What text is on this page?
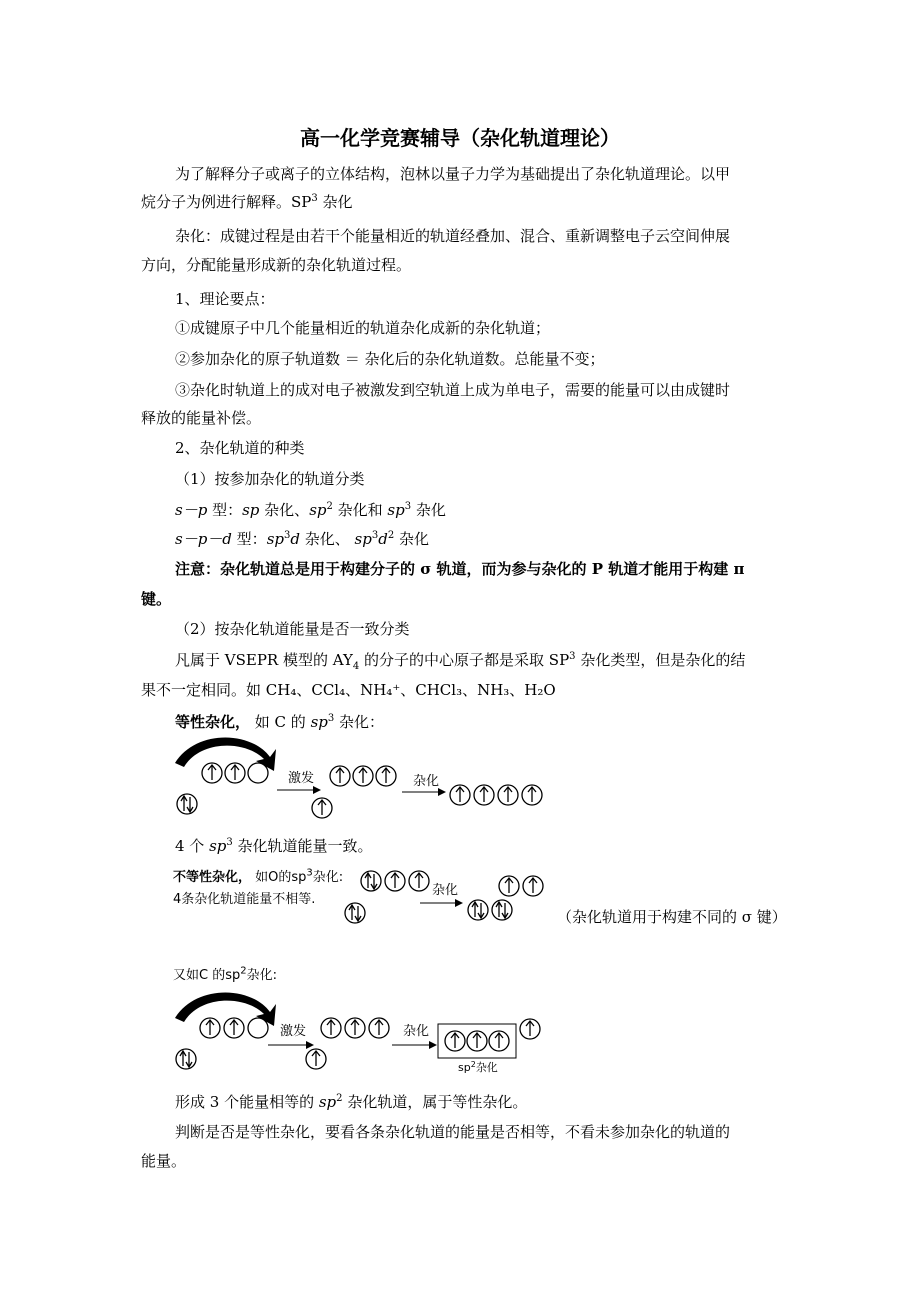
高一化学竞赛辅导（杂化轨道理论）
为了解释分子或离子的立体结构，泡林以量子力学为基础提出了杂化轨道理论。以甲
烷分子为例进行解释。$SP^3$ 杂化
杂化：成键过程是由若干个能量相近的轨道经叠加、混合、重新调整电子云空间伸展
方向，分配能量形成新的杂化轨道过程。
1、理论要点：
①成键原子中几个能量相近的轨道杂化成新的杂化轨道；
②参加杂化的原子轨道数 ＝ 杂化后的杂化轨道数。总能量不变；
③杂化时轨道上的成对电子被激发到空轨道上成为单电子，需要的能量可以由成键时
释放的能量补偿。
2、杂化轨道的种类
（1）按参加杂化的轨道分类
s－p 型：sp 杂化、$sp^2$ 杂化和 $sp^3$ 杂化
s－p－d 型：$sp^3d$ 杂化、 $sp^3d^2$ 杂化
注意：杂化轨道总是用于构建分子的 σ 轨道，而为参与杂化的 P 轨道才能用于构建 π
键。
（2）按杂化轨道能量是否一致分类
凡属于 VSEPR 模型的 $AY_4$ 的分子的中心原子都是采取 $SP^3$ 杂化类型，但是杂化的结
果不一定相同。如 CH₄、CCl₄、NH₄⁺、CHCl₃、NH₃、H₂O
等性杂化， 如 C 的 $sp^3$ 杂化：
激发	杂化
4 个 $sp^3$ 杂化轨道能量一致。
不等性杂化， 如O的$sp^3$杂化:
4条杂化轨道能量不相等.
杂化
（杂化轨道用于构建不同的 σ 键）
又如C 的$sp^2$杂化:
激发	杂化
$sp^2$杂化
形成 3 个能量相等的 $sp^2$ 杂化轨道，属于等性杂化。
判断是否是等性杂化，要看各条杂化轨道的能量是否相等，不看未参加杂化的轨道的
能量。
